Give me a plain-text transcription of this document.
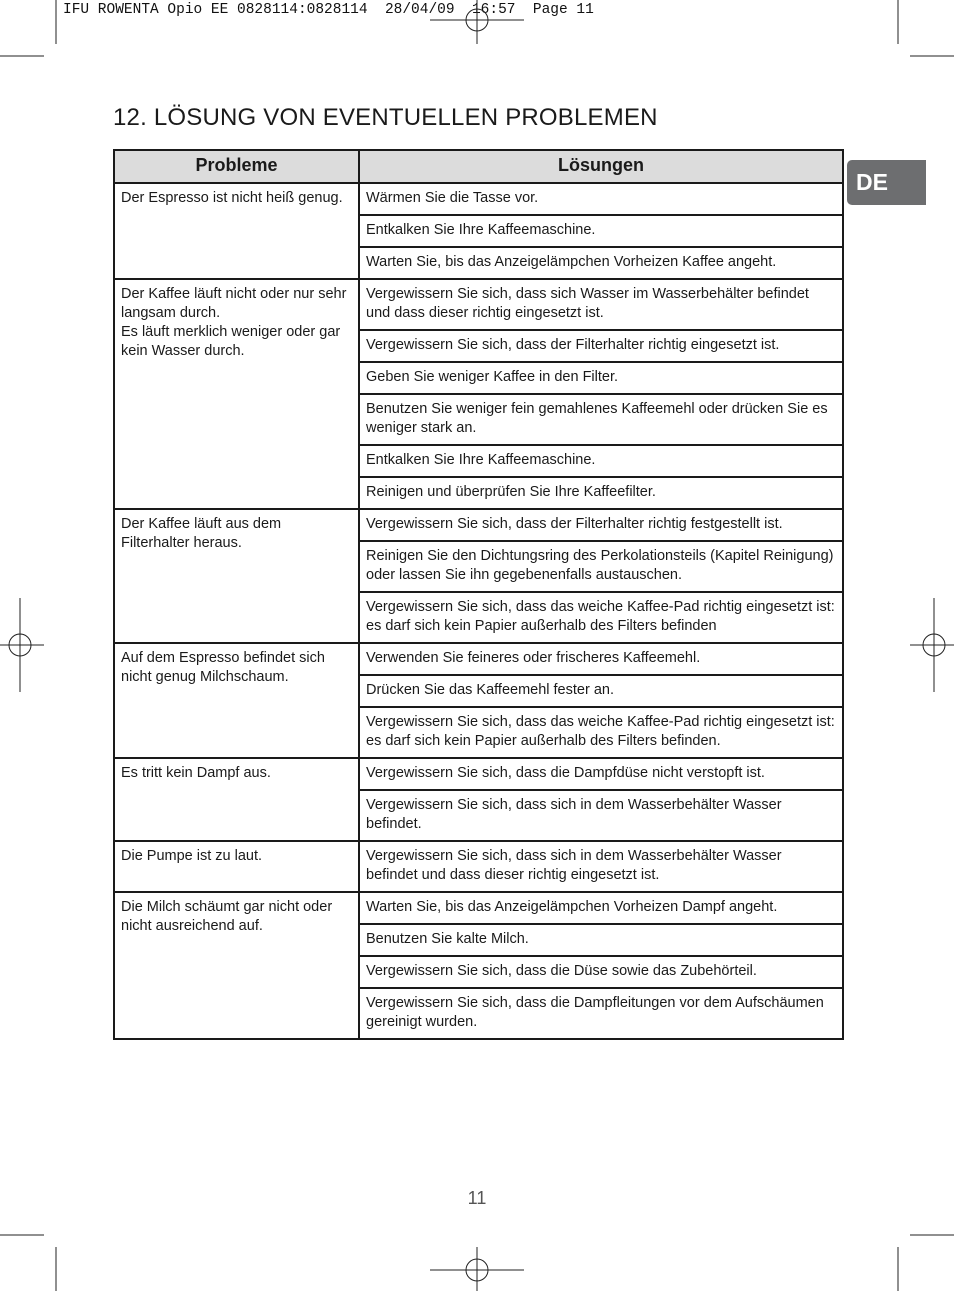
IFU ROWENTA Opio EE 0828114:0828114  28/04/09  16:57  Page 11
12. LÖSUNG VON EVENTUELLEN PROBLEMEN
DE
Probleme	Lösungen
Der Espresso ist nicht heiß genug.	Wärmen Sie die Tasse vor.
	Entkalken Sie Ihre Kaffeemaschine.
	Warten Sie, bis das Anzeigelämpchen Vorheizen Kaffee angeht.
Der Kaffee läuft nicht oder nur sehr langsam durch.
Es läuft merklich weniger oder gar kein Wasser durch.	Vergewissern Sie sich, dass sich Wasser im Wasserbehälter befindet und dass dieser richtig eingesetzt ist.
	Vergewissern Sie sich, dass der Filterhalter richtig eingesetzt ist.
	Geben Sie weniger Kaffee in den Filter.
	Benutzen Sie weniger fein gemahlenes Kaffeemehl oder drücken Sie es weniger stark an.
	Entkalken Sie Ihre Kaffeemaschine.
	Reinigen und überprüfen Sie Ihre Kaffeefilter.
Der Kaffee läuft aus dem Filterhalter heraus.	Vergewissern Sie sich, dass der Filterhalter richtig festgestellt ist.
	Reinigen Sie den Dichtungsring des Perkolationsteils (Kapitel Reinigung) oder lassen Sie ihn gegebenenfalls austauschen.
	Vergewissern Sie sich, dass das weiche Kaffee-Pad richtig eingesetzt ist: es darf sich kein Papier außerhalb des Filters befinden
Auf dem Espresso befindet sich nicht genug Milchschaum.	Verwenden Sie feineres oder frischeres Kaffeemehl.
	Drücken Sie das Kaffeemehl fester an.
	Vergewissern Sie sich, dass das weiche Kaffee-Pad richtig eingesetzt ist: es darf sich kein Papier außerhalb des Filters befinden.
Es tritt kein Dampf aus.	Vergewissern Sie sich, dass die Dampfdüse nicht verstopft ist.
	Vergewissern Sie sich, dass sich in dem Wasserbehälter Wasser befindet.
Die Pumpe ist zu laut.	Vergewissern Sie sich, dass sich in dem Wasserbehälter Wasser befindet und dass dieser richtig eingesetzt ist.
Die Milch schäumt gar nicht oder nicht ausreichend auf.	Warten Sie, bis das Anzeigelämpchen Vorheizen Dampf angeht.
	Benutzen Sie kalte Milch.
	Vergewissern Sie sich, dass die Düse sowie das Zubehörteil.
	Vergewissern Sie sich, dass die Dampfleitungen vor dem Aufschäumen gereinigt wurden.
11
